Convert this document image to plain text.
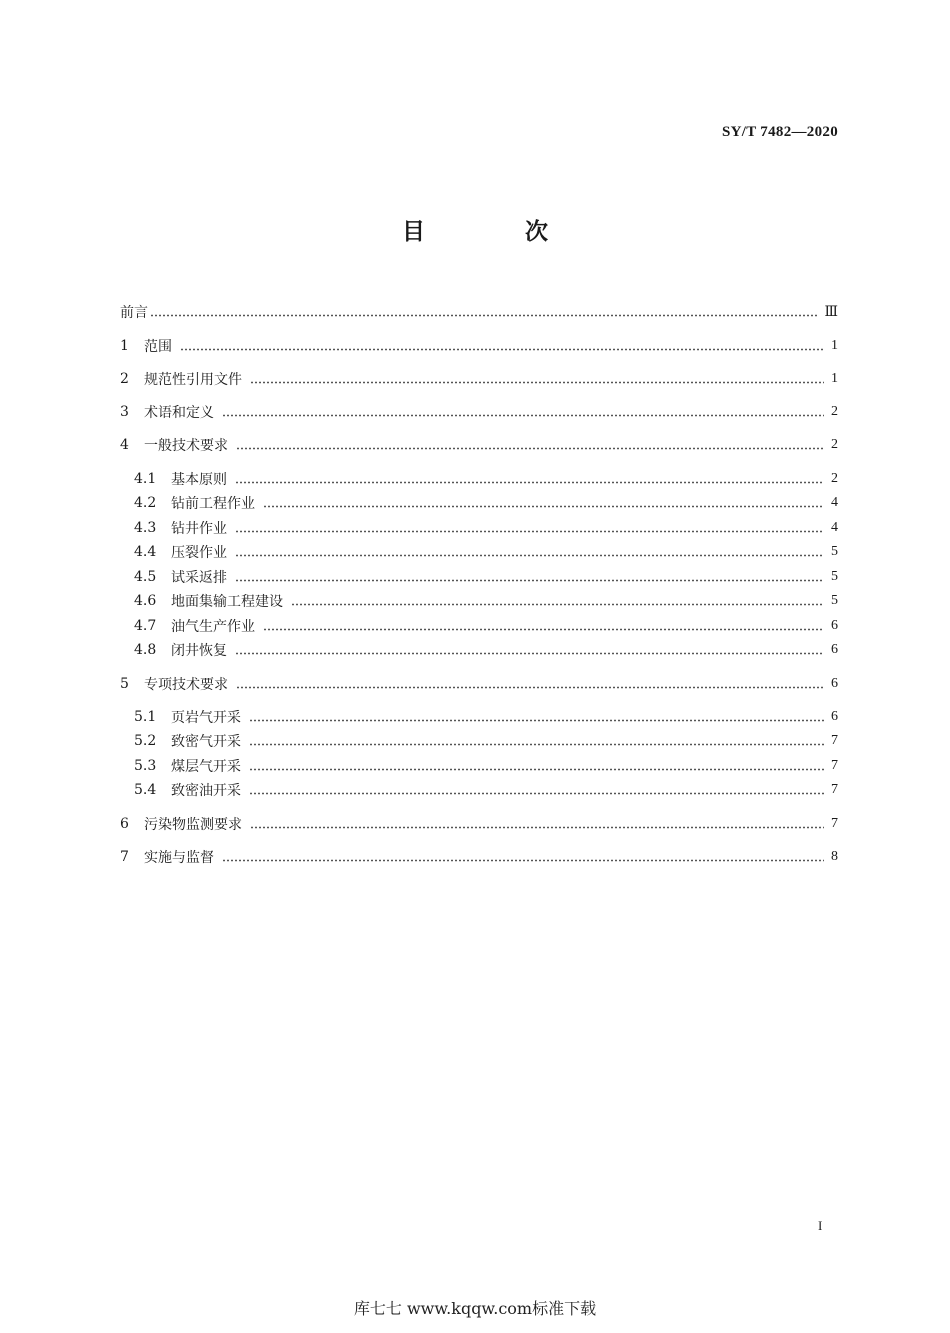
SY/T 7482—2020
目 次
前言	Ⅲ
1	范围	1
2	规范性引用文件	1
3	术语和定义	2
4	一般技术要求	2
4.1	基本原则	2
4.2	钻前工程作业	4
4.3	钻井作业	4
4.4	压裂作业	5
4.5	试采返排	5
4.6	地面集输工程建设	5
4.7	油气生产作业	6
4.8	闭井恢复	6
5	专项技术要求	6
5.1	页岩气开采	6
5.2	致密气开采	7
5.3	煤层气开采	7
5.4	致密油开采	7
6	污染物监测要求	7
7	实施与监督	8
I
库七七 www.kqqw.com标准下载
